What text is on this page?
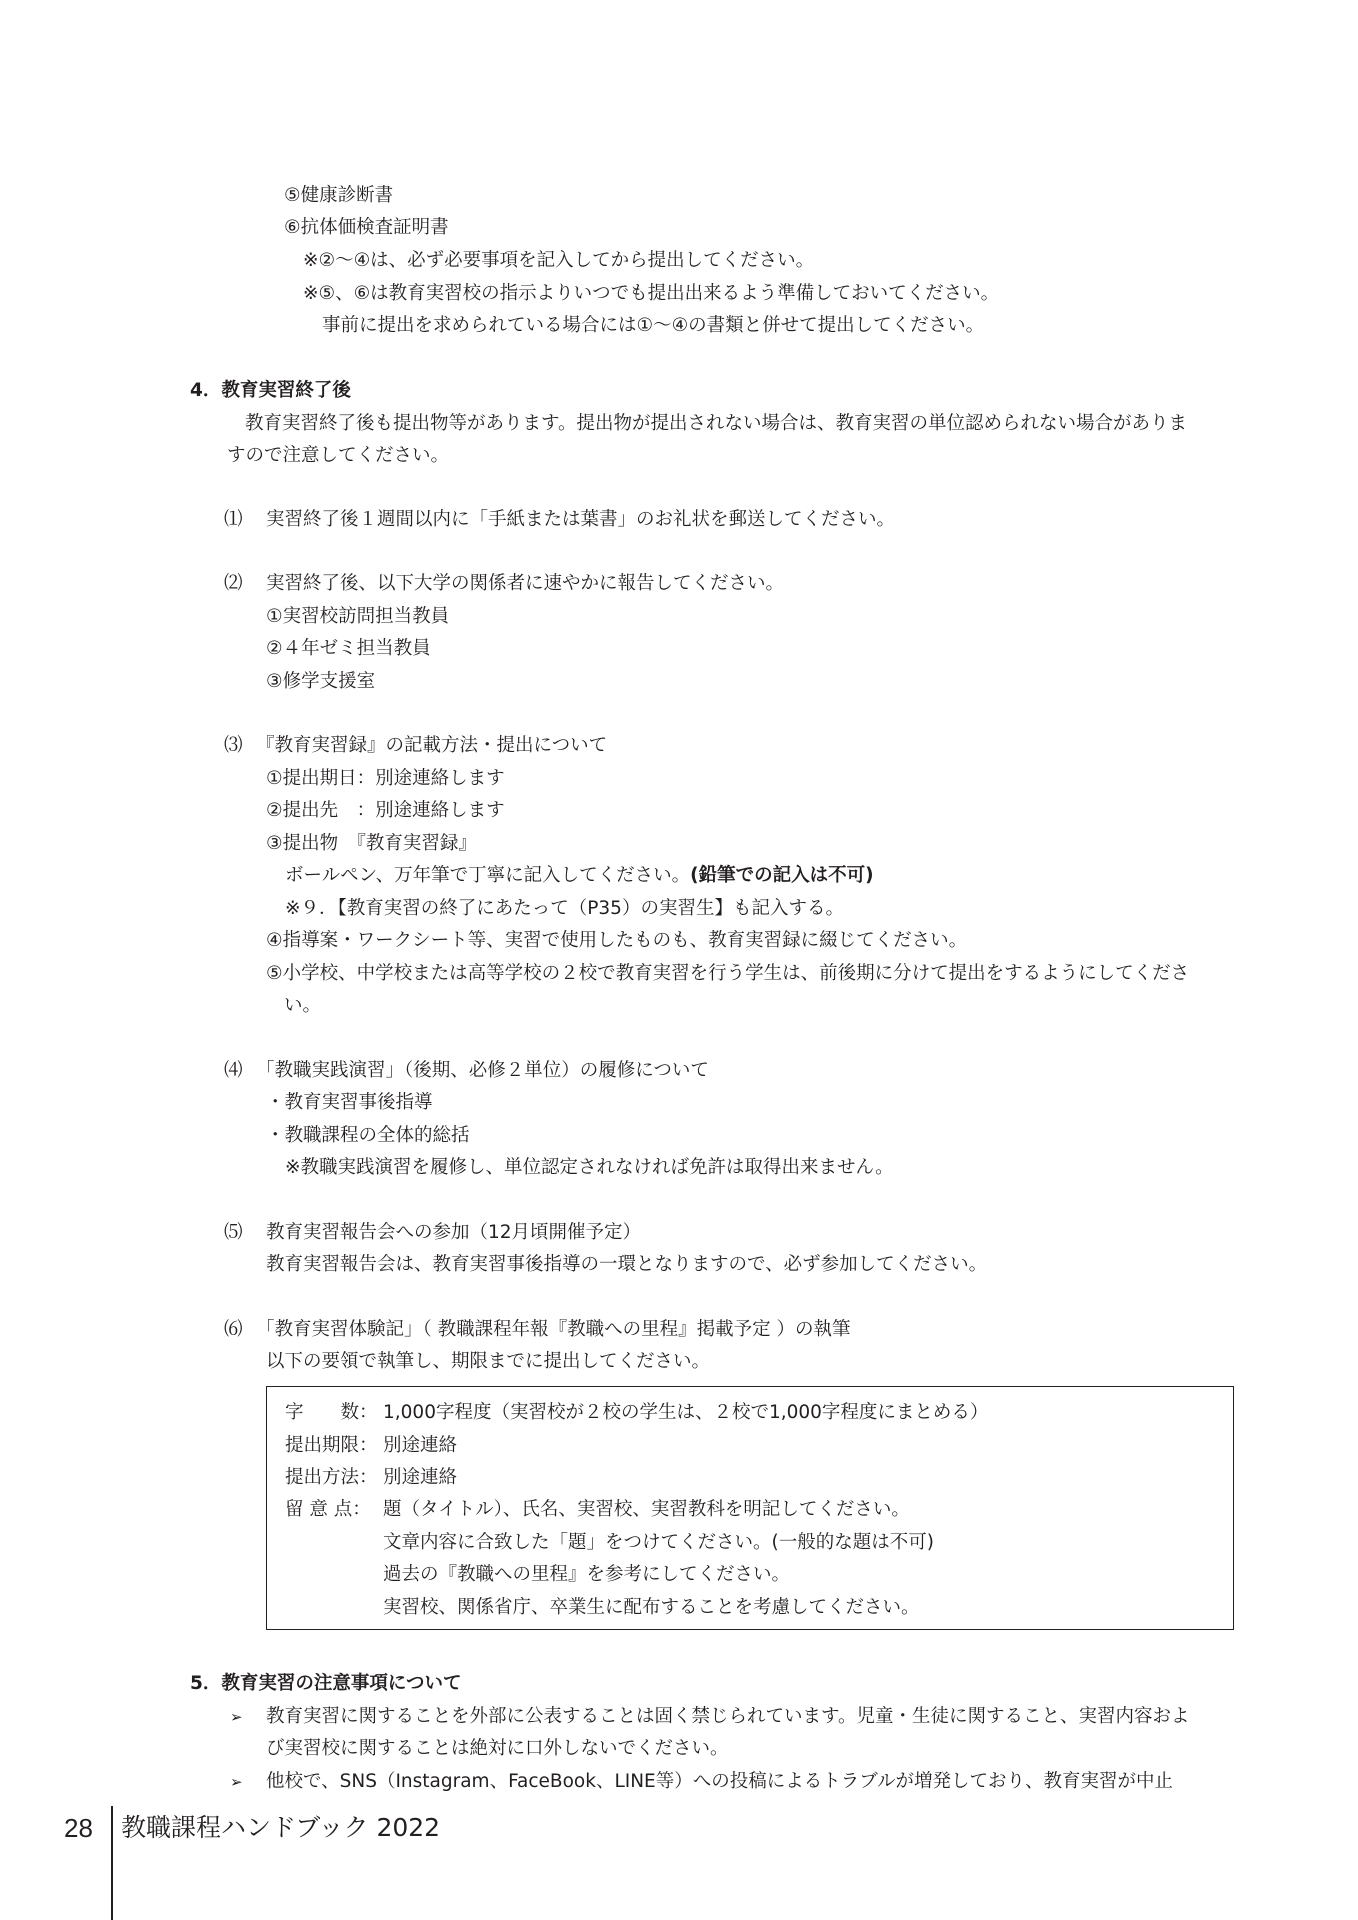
⑤健康診断書
⑥抗体価検査証明書
※②～④は、必ず必要事項を記入してから提出してください。
※⑤、⑥は教育実習校の指示よりいつでも提出出来るよう準備しておいてください。
事前に提出を求められている場合には①～④の書類と併せて提出してください。
4．教育実習終了後
教育実習終了後も提出物等があります。提出物が提出されない場合は、教育実習の単位認められない場合がありま
すので注意してください。
⑴ 実習終了後１週間以内に「手紙または葉書」のお礼状を郵送してください。
⑵ 実習終了後、以下大学の関係者に速やかに報告してください。
①実習校訪問担当教員
②４年ゼミ担当教員
③修学支援室
⑶ 『教育実習録』の記載方法・提出について
①提出期日：別途連絡します
②提出先　：別途連絡します
③提出物　『教育実習録』
ボールペン、万年筆で丁寧に記入してください。(鉛筆での記入は不可)
※９．【教育実習の終了にあたって（P35）の実習生】も記入する。
④指導案・ワークシート等、実習で使用したものも、教育実習録に綴じてください。
⑤小学校、中学校または高等学校の２校で教育実習を行う学生は、前後期に分けて提出をするようにしてくださ
い。
⑷ 「教職実践演習」（後期、必修２単位）の履修について
・教育実習事後指導
・教職課程の全体的総括
※教職実践演習を履修し、単位認定されなければ免許は取得出来ません。
⑸ 教育実習報告会への参加（12月頃開催予定）
教育実習報告会は、教育実習事後指導の一環となりますので、必ず参加してください。
⑹ 「教育実習体験記」（ 教職課程年報『教職への里程』掲載予定 ）の執筆
以下の要領で執筆し、期限までに提出してください。
字　　数： 1,000字程度（実習校が２校の学生は、２校で1,000字程度にまとめる）
提出期限： 別途連絡
提出方法： 別途連絡
留 意 点： 題（タイトル）、氏名、実習校、実習教科を明記してください。
文章内容に合致した「題」をつけてください。(一般的な題は不可)
過去の『教職への里程』を参考にしてください。
実習校、関係省庁、卒業生に配布することを考慮してください。
5．教育実習の注意事項について
➢ 教育実習に関することを外部に公表することは固く禁じられています。児童・生徒に関すること、実習内容およ
び実習校に関することは絶対に口外しないでください。
➢ 他校で、SNS（Instagram、FaceBook、LINE等）への投稿によるトラブルが増発しており、教育実習が中止
28 教職課程ハンドブック 2022
